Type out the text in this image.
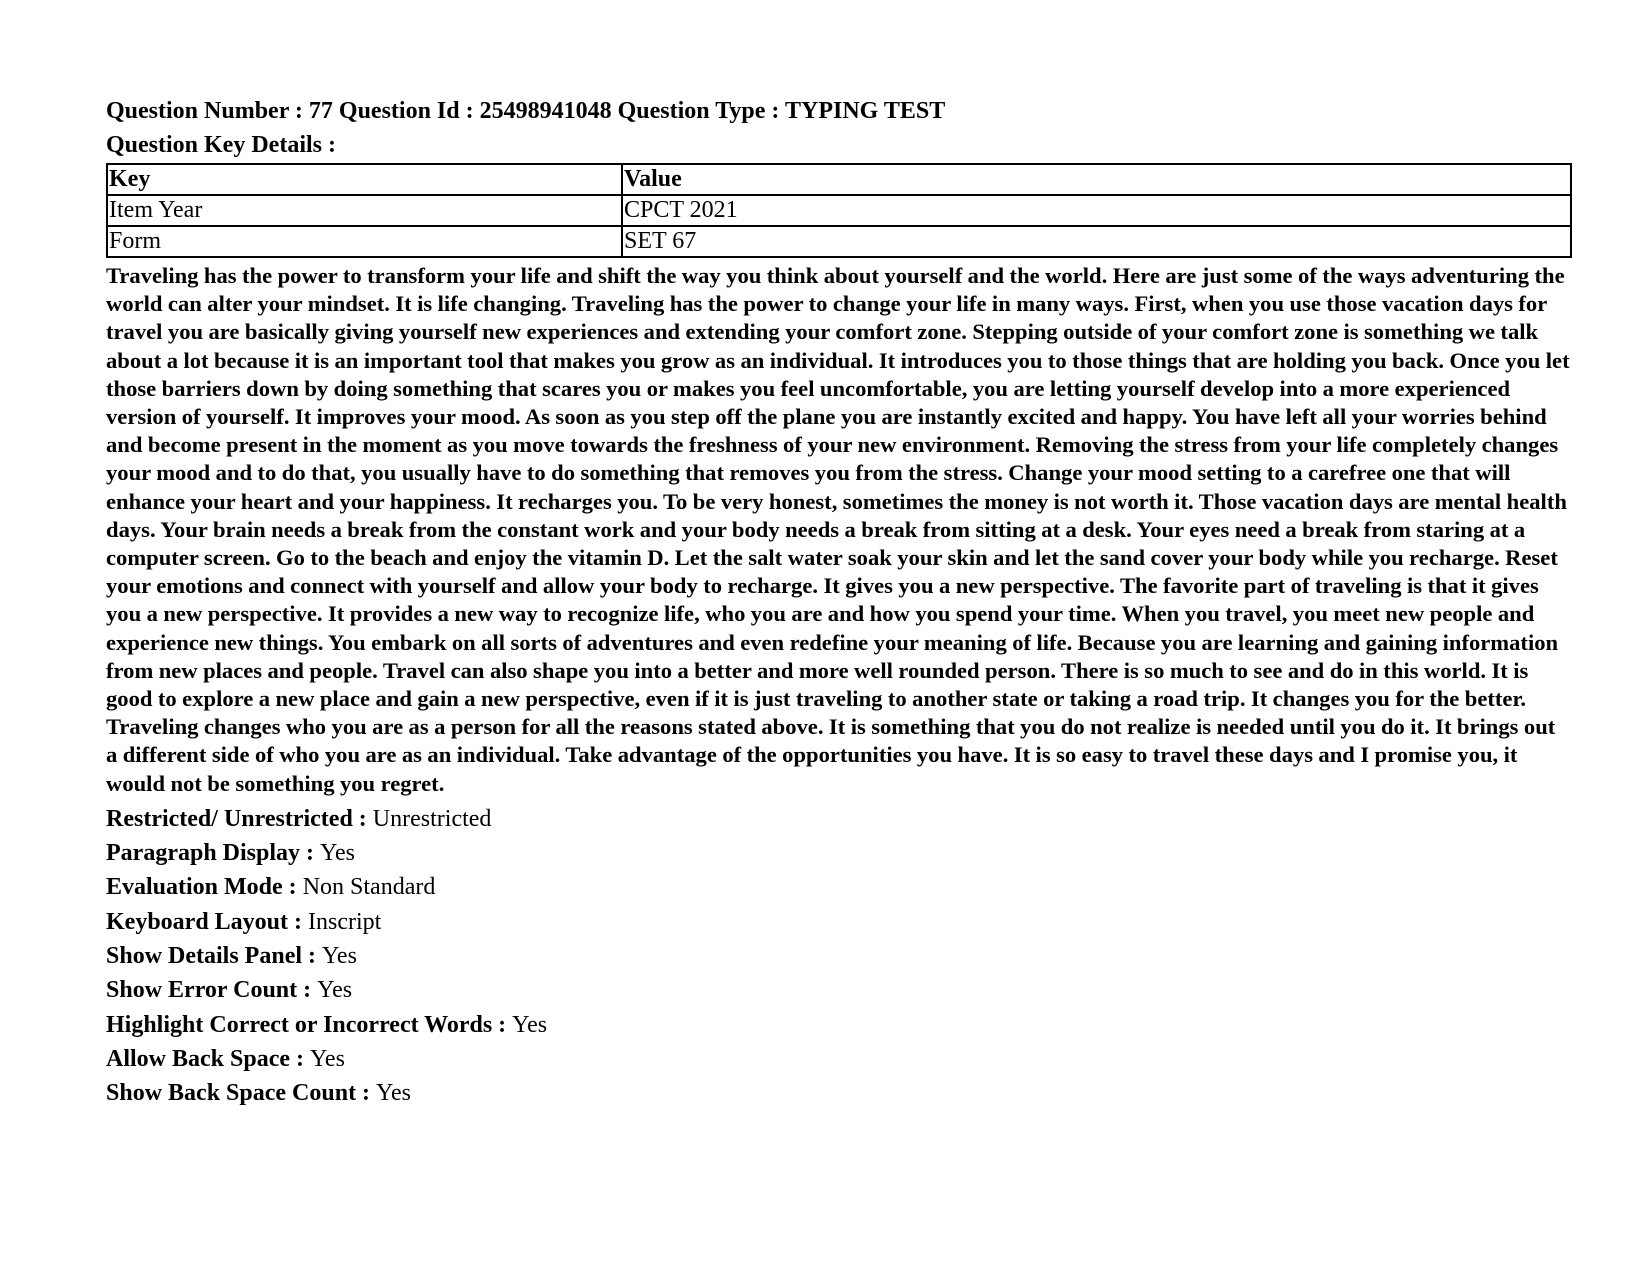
Question Number : 77 Question Id : 25498941048 Question Type : TYPING TEST
Question Key Details :
Key	Value
Item Year	CPCT 2021
Form	SET 67
Traveling has the power to transform your life and shift the way you think about yourself and the world. Here are just some of the ways adventuring the world can alter your mindset. It is life changing. Traveling has the power to change your life in many ways. First, when you use those vacation days for travel you are basically giving yourself new experiences and extending your comfort zone. Stepping outside of your comfort zone is something we talk about a lot because it is an important tool that makes you grow as an individual. It introduces you to those things that are holding you back. Once you let those barriers down by doing something that scares you or makes you feel uncomfortable, you are letting yourself develop into a more experienced version of yourself. It improves your mood. As soon as you step off the plane you are instantly excited and happy. You have left all your worries behind and become present in the moment as you move towards the freshness of your new environment. Removing the stress from your life completely changes your mood and to do that, you usually have to do something that removes you from the stress. Change your mood setting to a carefree one that will enhance your heart and your happiness. It recharges you. To be very honest, sometimes the money is not worth it. Those vacation days are mental health days. Your brain needs a break from the constant work and your body needs a break from sitting at a desk. Your eyes need a break from staring at a computer screen. Go to the beach and enjoy the vitamin D. Let the salt water soak your skin and let the sand cover your body while you recharge. Reset your emotions and connect with yourself and allow your body to recharge. It gives you a new perspective. The favorite part of traveling is that it gives you a new perspective. It provides a new way to recognize life, who you are and how you spend your time. When you travel, you meet new people and experience new things. You embark on all sorts of adventures and even redefine your meaning of life. Because you are learning and gaining information from new places and people. Travel can also shape you into a better and more well rounded person. There is so much to see and do in this world. It is good to explore a new place and gain a new perspective, even if it is just traveling to another state or taking a road trip. It changes you for the better. Traveling changes who you are as a person for all the reasons stated above. It is something that you do not realize is needed until you do it. It brings out a different side of who you are as an individual. Take advantage of the opportunities you have. It is so easy to travel these days and I promise you, it would not be something you regret.
Restricted/ Unrestricted : Unrestricted
Paragraph Display : Yes
Evaluation Mode : Non Standard
Keyboard Layout : Inscript
Show Details Panel : Yes
Show Error Count : Yes
Highlight Correct or Incorrect Words : Yes
Allow Back Space : Yes
Show Back Space Count : Yes
